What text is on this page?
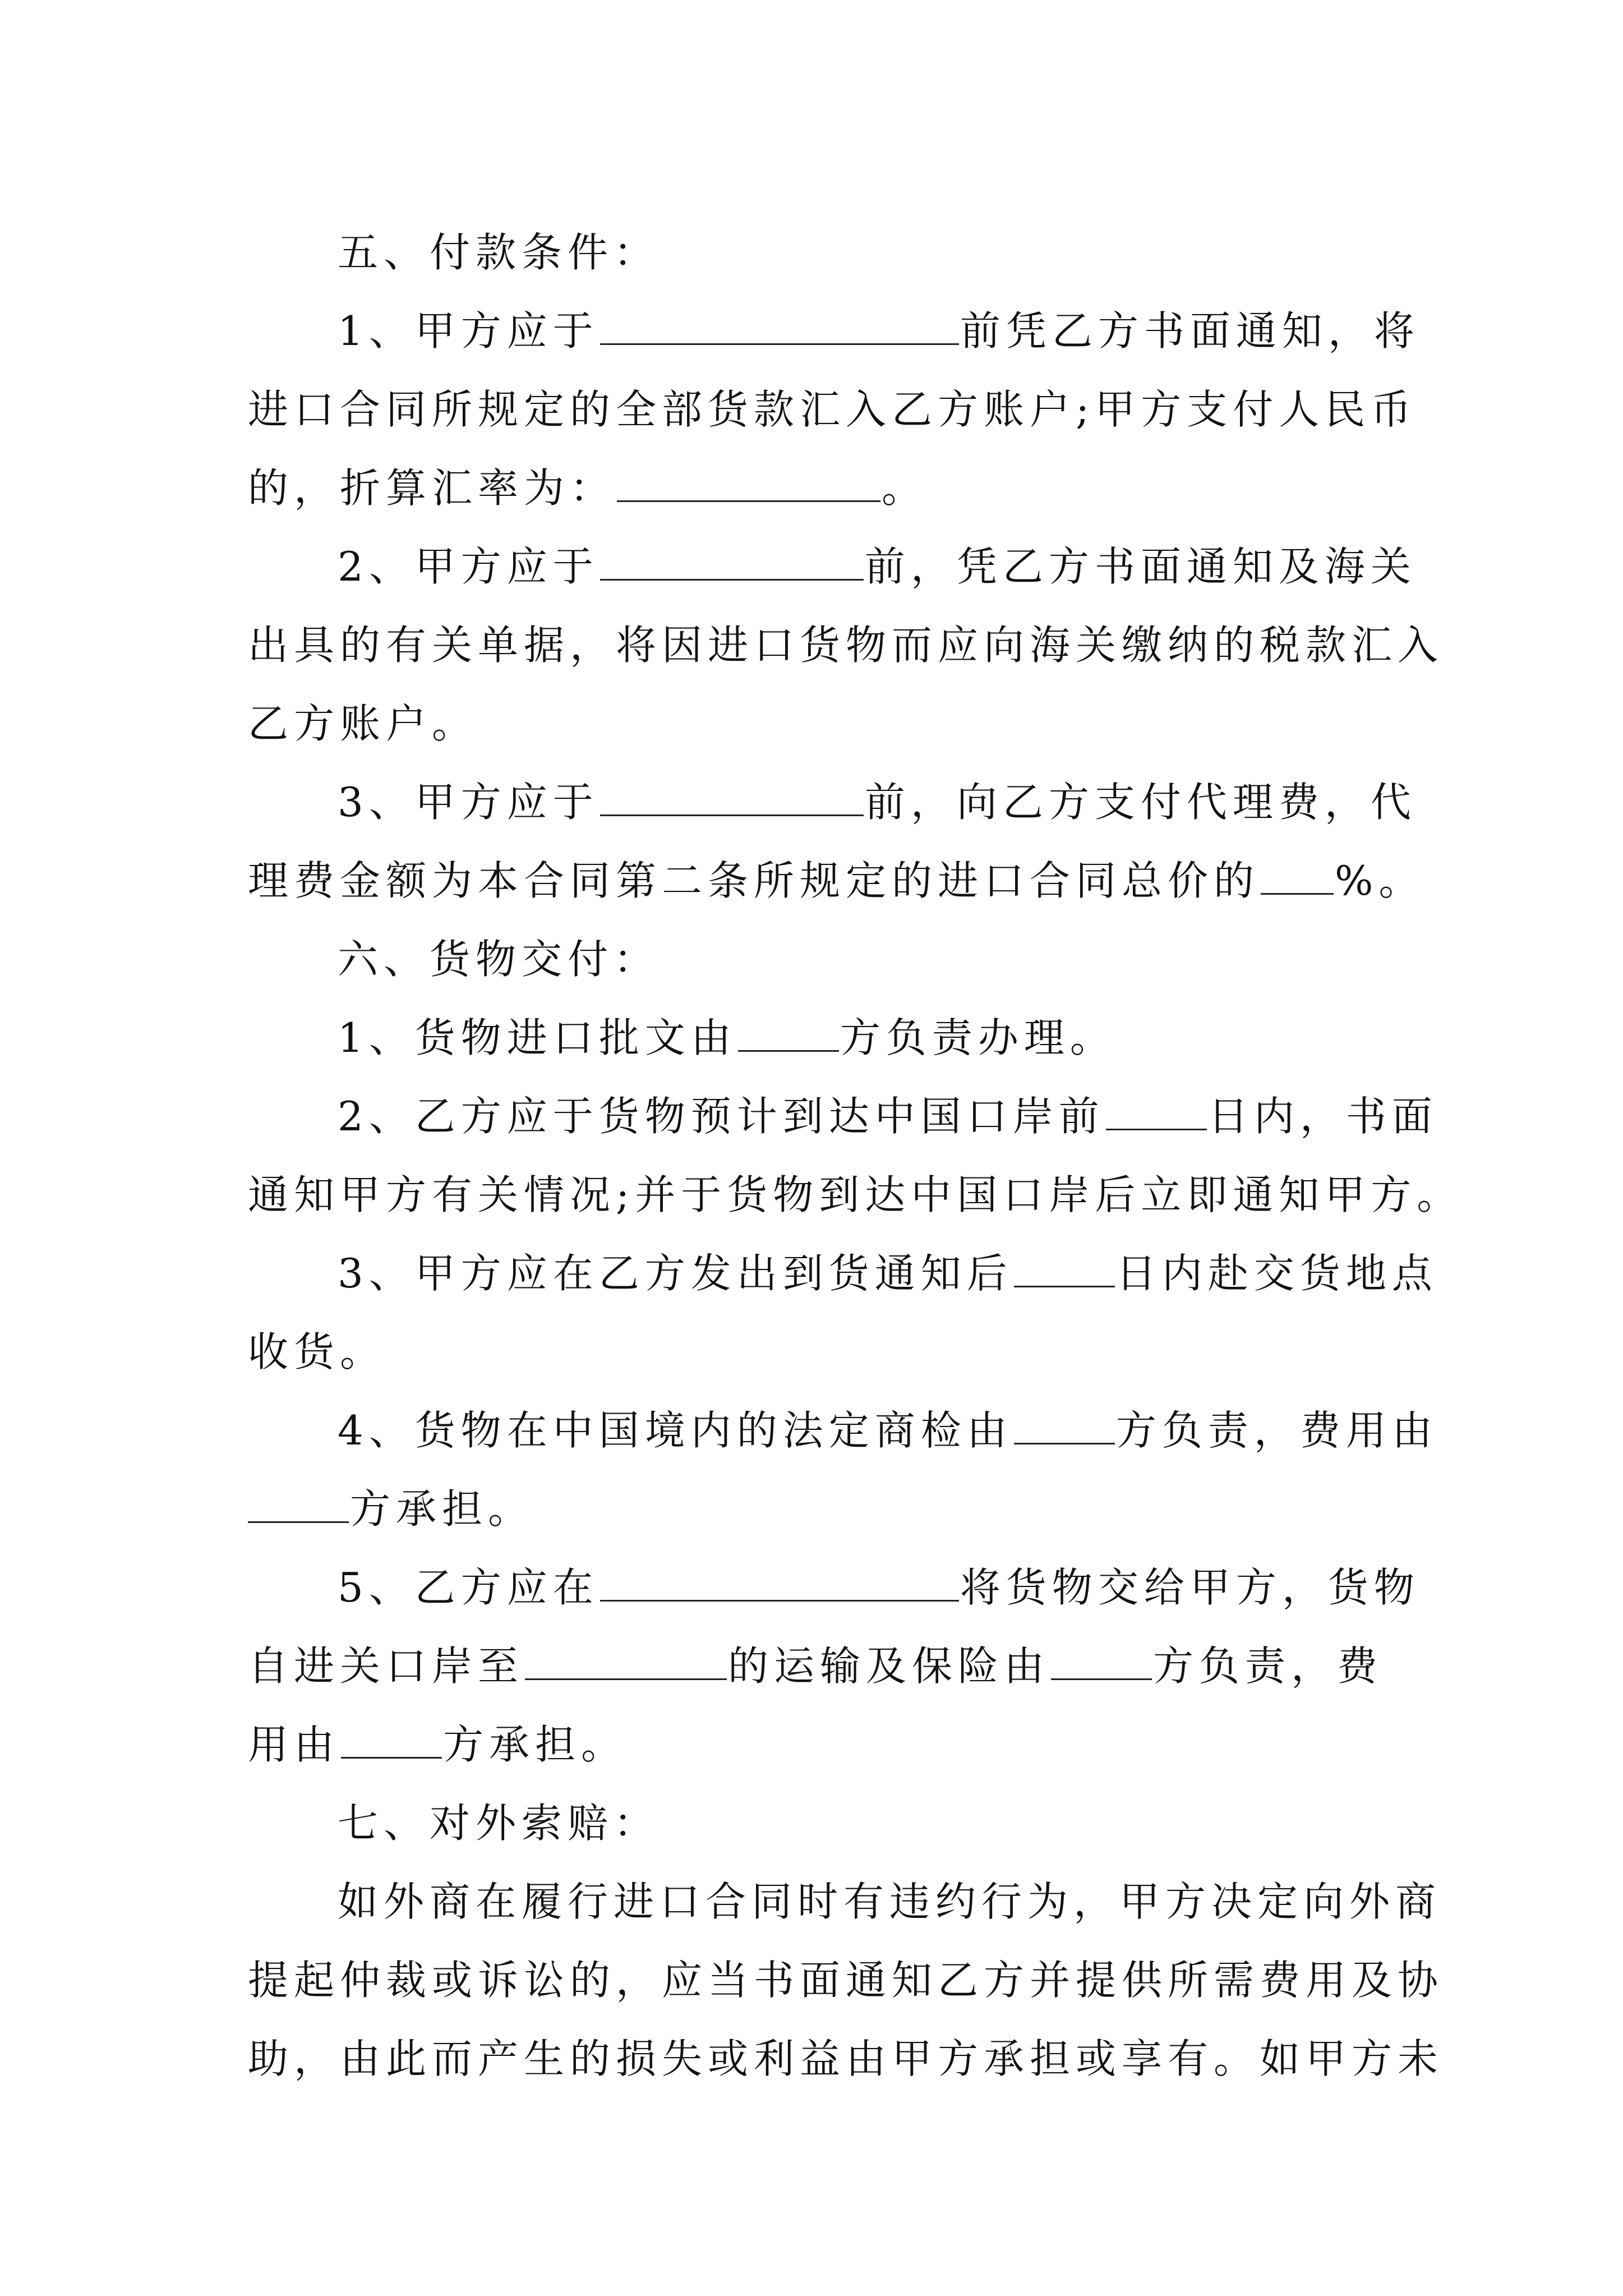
五、付款条件：
1、甲方应于	前凭乙方书面通知，将
进口合同所规定的全部货款汇入乙方账户;甲方支付人民币
的，折算汇率为：	。
2、甲方应于	前，凭乙方书面通知及海关
出具的有关单据，将因进口货物而应向海关缴纳的税款汇入
乙方账户。
3、甲方应于	前，向乙方支付代理费，代
理费金额为本合同第二条所规定的进口合同总价的 %。
六、货物交付：
1、货物进口批文由	方负责办理。
2、乙方应于货物预计到达中国口岸前	日内，书面
通知甲方有关情况;并于货物到达中国口岸后立即通知甲方。
3、甲方应在乙方发出到货通知后	日内赴交货地点
收货。
4、货物在中国境内的法定商检由	方负责，费用由
方承担。
5、乙方应在	将货物交给甲方，货物
自进关口岸至	的运输及保险由	方负责，费
用由	方承担。
七、对外索赔：
如外商在履行进口合同时有违约行为，甲方决定向外商
提起仲裁或诉讼的，应当书面通知乙方并提供所需费用及协
助，由此而产生的损失或利益由甲方承担或享有。如甲方未
